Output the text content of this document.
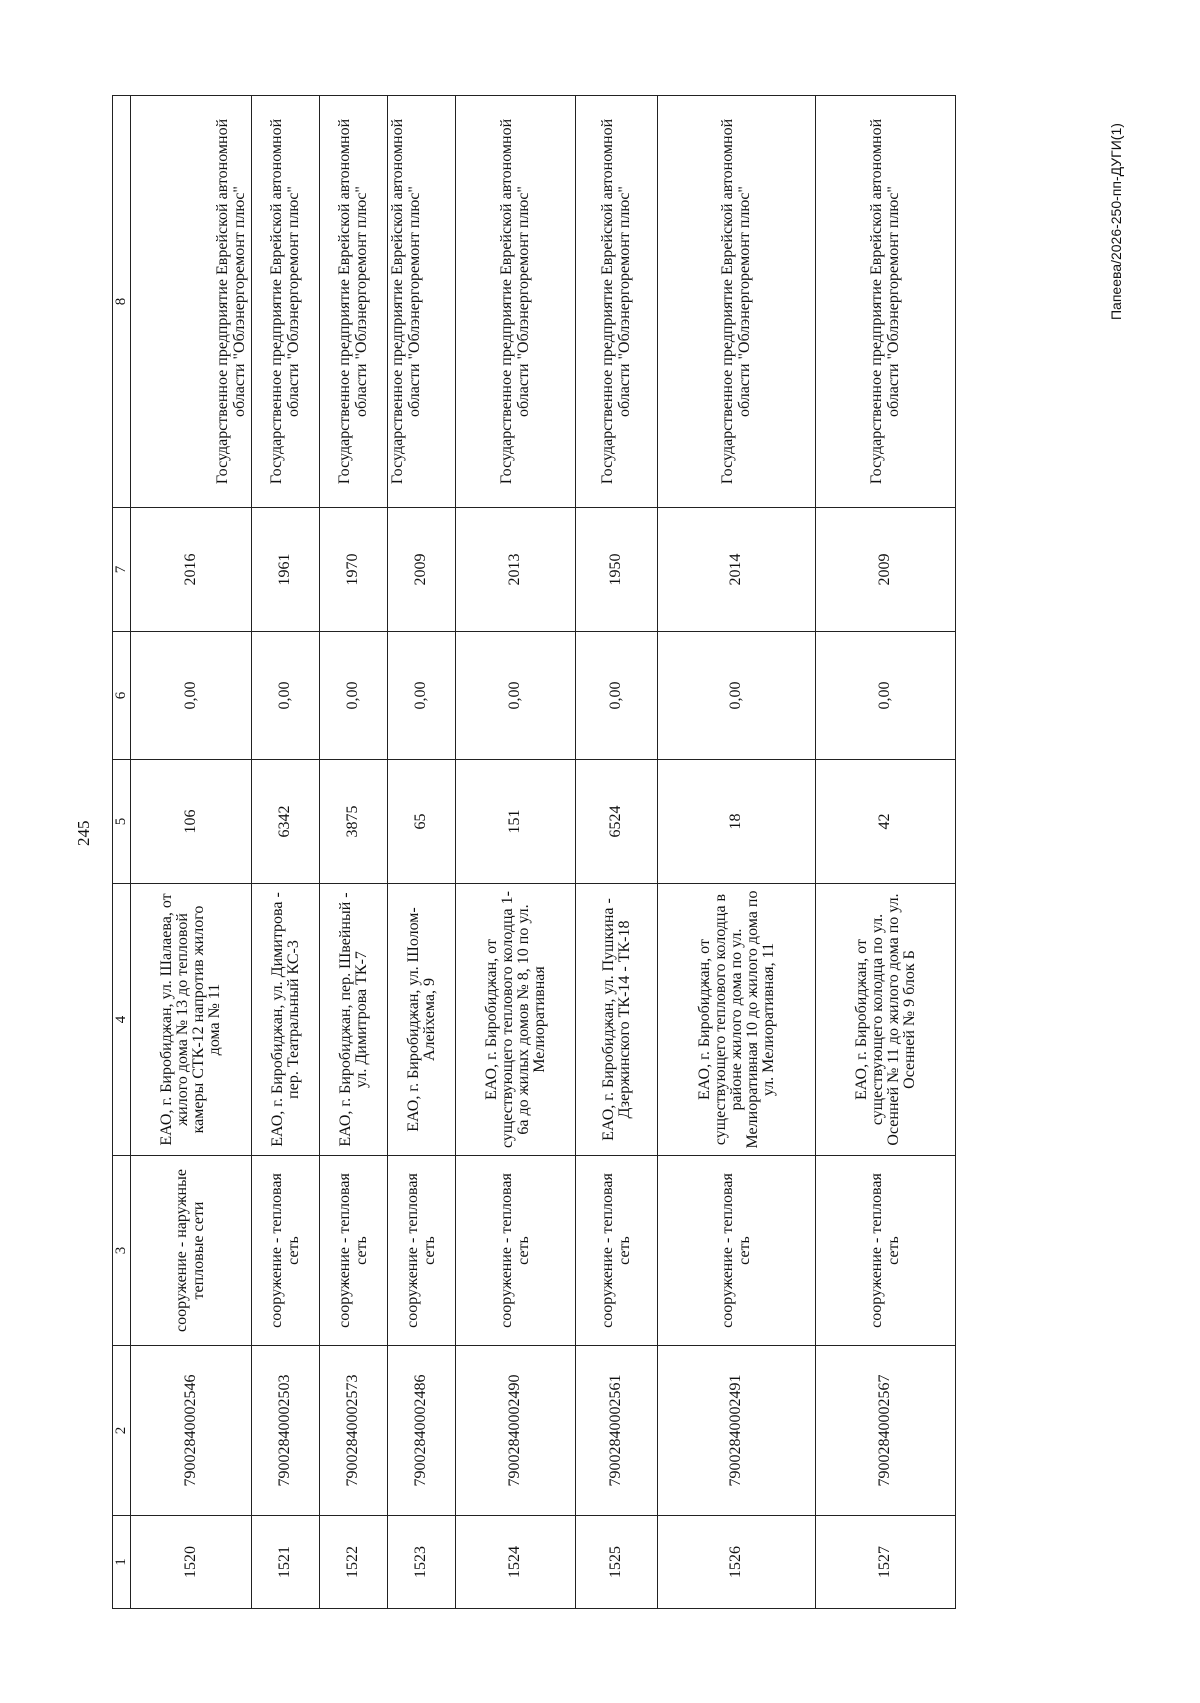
245
Папеева/2026-250-пп-ДУГИ(1)
1	2	3	4	5	6	7	8
1520	79002840002546	сооружение - наружные тепловые сети	ЕАО, г. Биробиджан, ул. Шалаева, от жилого дома № 13 до тепловой камеры СТК-12 напротив жилого дома № 11	106	0,00	2016	Государственное предприятие Еврейской автономной области "Облэнергоремонт плюс"
1521	79002840002503	сооружение - тепловая сеть	ЕАО, г. Биробиджан, ул. Димитрова - пер. Театральный КС-3	6342	0,00	1961	Государственное предприятие Еврейской автономной области "Облэнергоремонт плюс"
1522	79002840002573	сооружение - тепловая сеть	ЕАО, г. Биробиджан, пер. Швейный - ул. Димитрова ТК-7	3875	0,00	1970	Государственное предприятие Еврейской автономной области "Облэнергоремонт плюс"
1523	79002840002486	сооружение - тепловая сеть	ЕАО, г. Биробиджан, ул. Шолом- Алейхема, 9	65	0,00	2009	Государственное предприятие Еврейской автономной области "Облэнергоремонт плюс"
1524	79002840002490	сооружение - тепловая сеть	ЕАО, г. Биробиджан, от существующего теплового колодца 1-6а до жилых домов № 8, 10 по ул. Мелиоративная	151	0,00	2013	Государственное предприятие Еврейской автономной области "Облэнергоремонт плюс"
1525	79002840002561	сооружение - тепловая сеть	ЕАО, г. Биробиджан, ул. Пушкина - Дзержинского ТК-14 - ТК-18	6524	0,00	1950	Государственное предприятие Еврейской автономной области "Облэнергоремонт плюс"
1526	79002840002491	сооружение - тепловая сеть	ЕАО, г. Биробиджан, от существующего теплового колодца в районе жилого дома по ул. Мелиоративная 10 до жилого дома по ул. Мелиоративная, 11	18	0,00	2014	Государственное предприятие Еврейской автономной области "Облэнергоремонт плюс"
1527	79002840002567	сооружение - тепловая сеть	ЕАО, г. Биробиджан, от существующего колодца по ул. Осенней № 11 до жилого дома по ул. Осенней № 9 блок Б	42	0,00	2009	Государственное предприятие Еврейской автономной области "Облэнергоремонт плюс"
